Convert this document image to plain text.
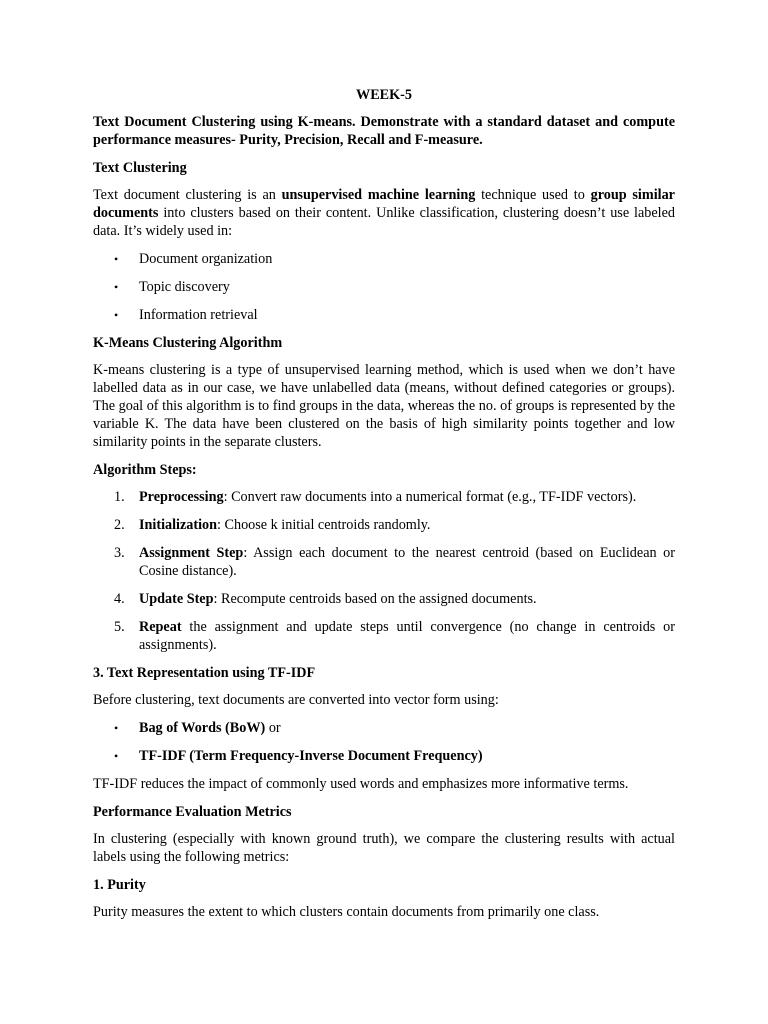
WEEK-5

Text Document Clustering using K-means. Demonstrate with a standard dataset and compute performance measures- Purity, Precision, Recall and F-measure.

Text Clustering

Text document clustering is an unsupervised machine learning technique used to group similar documents into clusters based on their content. Unlike classification, clustering doesn’t use labeled data. It’s widely used in:

• Document organization
• Topic discovery
• Information retrieval
K-Means Clustering Algorithm

K-means clustering is a type of unsupervised learning method, which is used when we don’t have labelled data as in our case, we have unlabelled data (means, without defined categories or groups). The goal of this algorithm is to find groups in the data, whereas the no. of groups is represented by the variable K. The data have been clustered on the basis of high similarity points together and low similarity points in the separate clusters.

Algorithm Steps:
1. Preprocessing: Convert raw documents into a numerical format (e.g., TF-IDF vectors).
2. Initialization: Choose k initial centroids randomly.
3. Assignment Step: Assign each document to the nearest centroid (based on Euclidean or Cosine distance).
4. Update Step: Recompute centroids based on the assigned documents.
5. Repeat the assignment and update steps until convergence (no change in centroids or assignments).
3. Text Representation using TF-IDF

Before clustering, text documents are converted into vector form using:

• Bag of Words (BoW) or
• TF-IDF (Term Frequency-Inverse Document Frequency)

TF-IDF reduces the impact of commonly used words and emphasizes more informative terms.

Performance Evaluation Metrics

In clustering (especially with known ground truth), we compare the clustering results with actual labels using the following metrics:

1. Purity

Purity measures the extent to which clusters contain documents from primarily one class.
